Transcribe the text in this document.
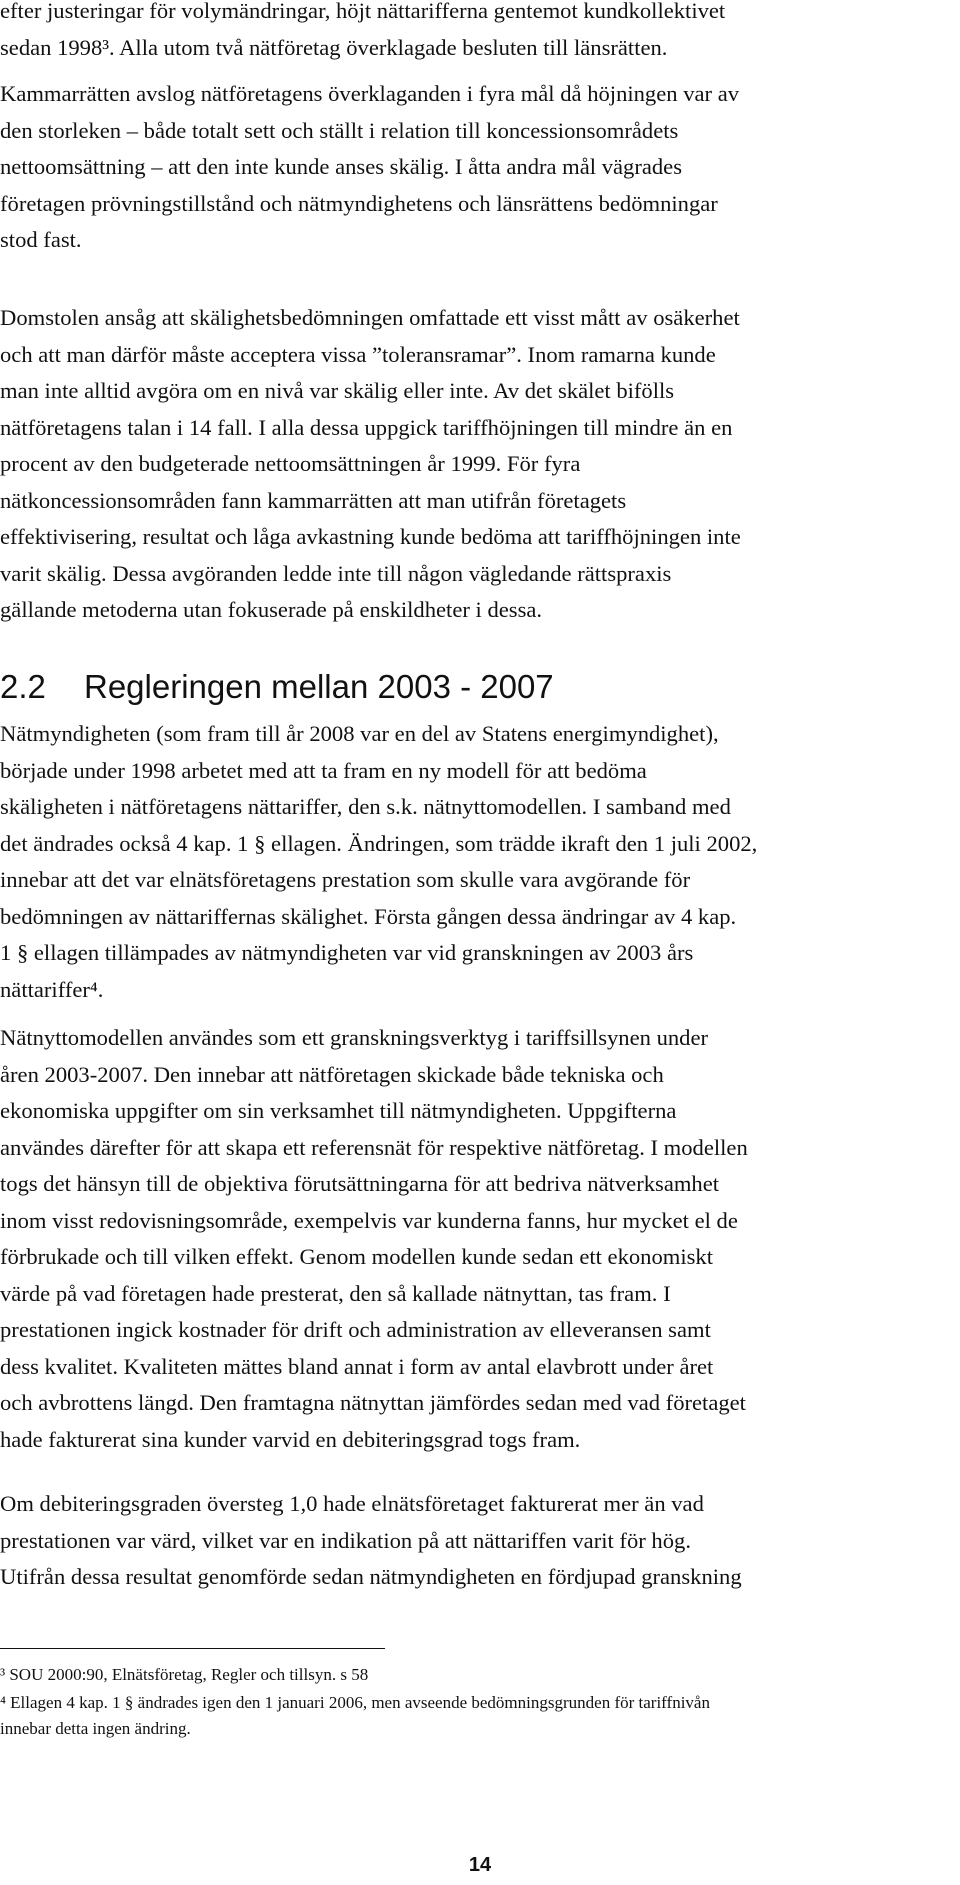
efter justeringar för volymändringar, höjt nättarifferna gentemot kundkollektivet
sedan 1998³. Alla utom två nätföretag överklagade besluten till länsrätten.
Kammarrätten avslog nätföretagens överklaganden i fyra mål då höjningen var av
den storleken – både totalt sett och ställt i relation till koncessionsområdets
nettoomsättning – att den inte kunde anses skälig. I åtta andra mål vägrades
företagen prövningstillstånd och nätmyndighetens och länsrättens bedömningar
stod fast.
Domstolen ansåg att skälighetsbedömningen omfattade ett visst mått av osäkerhet
och att man därför måste acceptera vissa ”toleransramar”. Inom ramarna kunde
man inte alltid avgöra om en nivå var skälig eller inte. Av det skälet bifölls
nätföretagens talan i 14 fall. I alla dessa uppgick tariffhöjningen till mindre än en
procent av den budgeterade nettoomsättningen år 1999. För fyra
nätkoncessionsområden fann kammarrätten att man utifrån företagets
effektivisering, resultat och låga avkastning kunde bedöma att tariffhöjningen inte
varit skälig. Dessa avgöranden ledde inte till någon vägledande rättspraxis
gällande metoderna utan fokuserade på enskildheter i dessa.
2.2 Regleringen mellan 2003 - 2007
Nätmyndigheten (som fram till år 2008 var en del av Statens energimyndighet),
började under 1998 arbetet med att ta fram en ny modell för att bedöma
skäligheten i nätföretagens nättariffer, den s.k. nätnyttomodellen. I samband med
det ändrades också 4 kap. 1 § ellagen. Ändringen, som trädde ikraft den 1 juli 2002,
innebar att det var elnätsföretagens prestation som skulle vara avgörande för
bedömningen av nättariffernas skälighet. Första gången dessa ändringar av 4 kap.
1 § ellagen tillämpades av nätmyndigheten var vid granskningen av 2003 års
nättariffer⁴.
Nätnyttomodellen användes som ett granskningsverktyg i tariffsillsynen under
åren 2003-2007. Den innebar att nätföretagen skickade både tekniska och
ekonomiska uppgifter om sin verksamhet till nätmyndigheten. Uppgifterna
användes därefter för att skapa ett referensnät för respektive nätföretag. I modellen
togs det hänsyn till de objektiva förutsättningarna för att bedriva nätverksamhet
inom visst redovisningsområde, exempelvis var kunderna fanns, hur mycket el de
förbrukade och till vilken effekt. Genom modellen kunde sedan ett ekonomiskt
värde på vad företagen hade presterat, den så kallade nätnyttan, tas fram. I
prestationen ingick kostnader för drift och administration av elleveransen samt
dess kvalitet. Kvaliteten mättes bland annat i form av antal elavbrott under året
och avbrottens längd. Den framtagna nätnyttan jämfördes sedan med vad företaget
hade fakturerat sina kunder varvid en debiteringsgrad togs fram.
Om debiteringsgraden översteg 1,0 hade elnätsföretaget fakturerat mer än vad
prestationen var värd, vilket var en indikation på att nättariffen varit för hög.
Utifrån dessa resultat genomförde sedan nätmyndigheten en fördjupad granskning
³ SOU 2000:90, Elnätsföretag, Regler och tillsyn. s 58
⁴ Ellagen 4 kap. 1 § ändrades igen den 1 januari 2006, men avseende bedömningsgrunden för tariffnivån
innebar detta ingen ändring.
14
